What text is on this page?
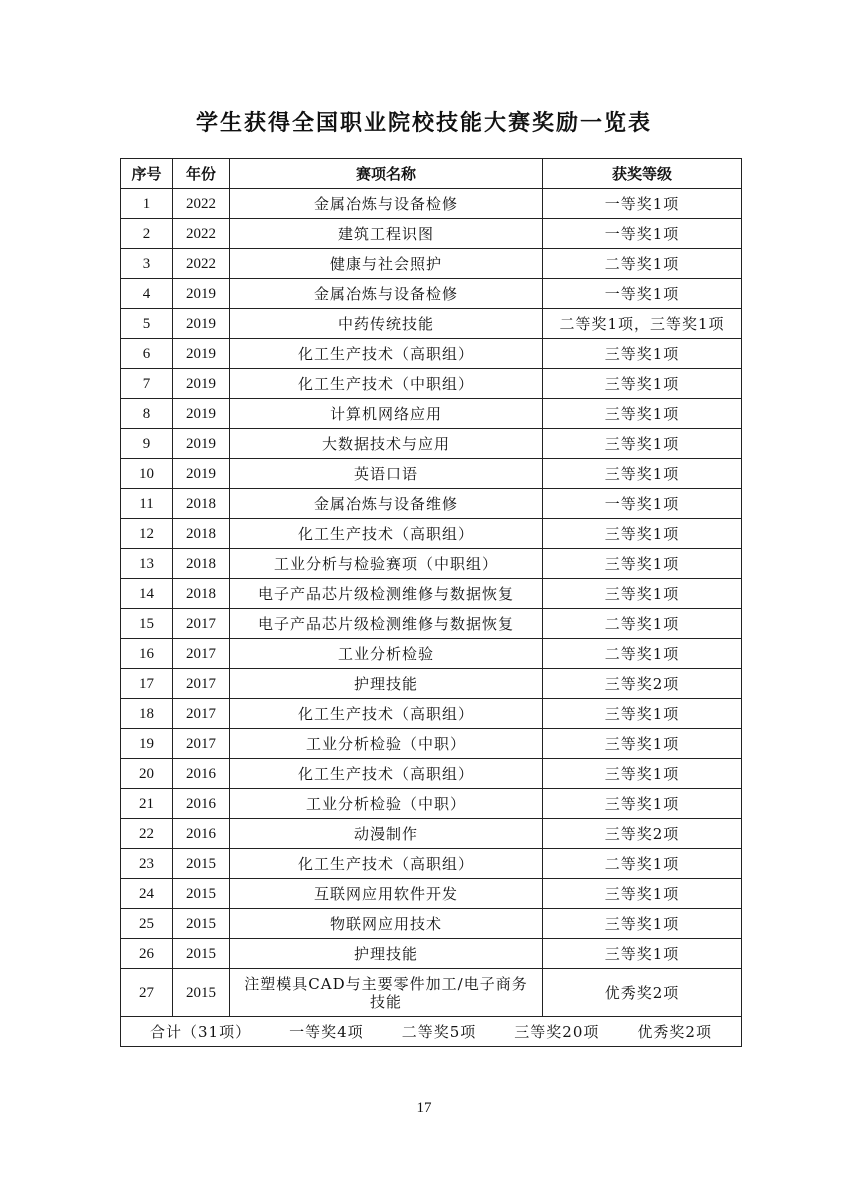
学生获得全国职业院校技能大赛奖励一览表
序号	年份	赛项名称	获奖等级
1	2022	金属冶炼与设备检修	一等奖1项
2	2022	建筑工程识图	一等奖1项
3	2022	健康与社会照护	二等奖1项
4	2019	金属冶炼与设备检修	一等奖1项
5	2019	中药传统技能	二等奖1项，三等奖1项
6	2019	化工生产技术（高职组）	三等奖1项
7	2019	化工生产技术（中职组）	三等奖1项
8	2019	计算机网络应用	三等奖1项
9	2019	大数据技术与应用	三等奖1项
10	2019	英语口语	三等奖1项
11	2018	金属冶炼与设备维修	一等奖1项
12	2018	化工生产技术（高职组）	三等奖1项
13	2018	工业分析与检验赛项（中职组）	三等奖1项
14	2018	电子产品芯片级检测维修与数据恢复	三等奖1项
15	2017	电子产品芯片级检测维修与数据恢复	二等奖1项
16	2017	工业分析检验	二等奖1项
17	2017	护理技能	三等奖2项
18	2017	化工生产技术（高职组）	三等奖1项
19	2017	工业分析检验（中职）	三等奖1项
20	2016	化工生产技术（高职组）	三等奖1项
21	2016	工业分析检验（中职）	三等奖1项
22	2016	动漫制作	三等奖2项
23	2015	化工生产技术（高职组）	二等奖1项
24	2015	互联网应用软件开发	三等奖1项
25	2015	物联网应用技术	三等奖1项
26	2015	护理技能	三等奖1项
27	2015	注塑模具CAD与主要零件加工/电子商务技能	优秀奖2项

合计（31项） 一等奖4项 二等奖5项 三等奖20项 优秀奖2项			
17
